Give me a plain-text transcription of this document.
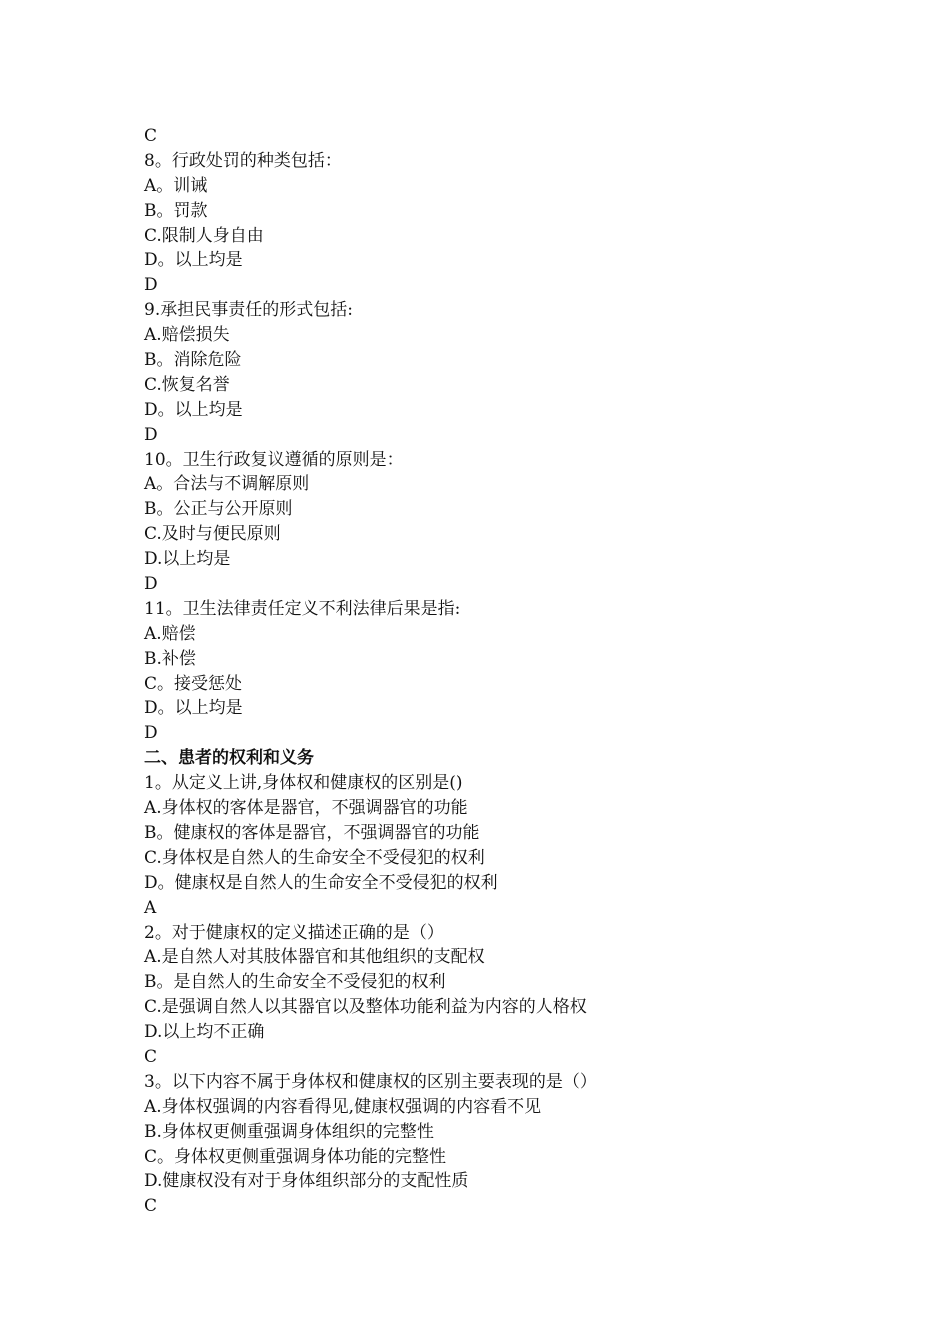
C
8。行政处罚的种类包括：
A。训诫
B。罚款
C.限制人身自由
D。以上均是
D
9.承担民事责任的形式包括:
A.赔偿损失
B。消除危险
C.恢复名誉
D。以上均是
D
10。卫生行政复议遵循的原则是：
A。合法与不调解原则
B。公正与公开原则
C.及时与便民原则
D.以上均是
D
11。卫生法律责任定义不利法律后果是指:
A.赔偿
B.补偿
C。接受惩处
D。以上均是
D
二、患者的权利和义务
1。从定义上讲,身体权和健康权的区别是()
A.身体权的客体是器官，不强调器官的功能
B。健康权的客体是器官，不强调器官的功能
C.身体权是自然人的生命安全不受侵犯的权利
D。健康权是自然人的生命安全不受侵犯的权利
A
2。对于健康权的定义描述正确的是（）
A.是自然人对其肢体器官和其他组织的支配权
B。是自然人的生命安全不受侵犯的权利
C.是强调自然人以其器官以及整体功能利益为内容的人格权
D.以上均不正确
C
3。以下内容不属于身体权和健康权的区别主要表现的是（）
A.身体权强调的内容看得见,健康权强调的内容看不见
B.身体权更侧重强调身体组织的完整性
C。身体权更侧重强调身体功能的完整性
D.健康权没有对于身体组织部分的支配性质
C
